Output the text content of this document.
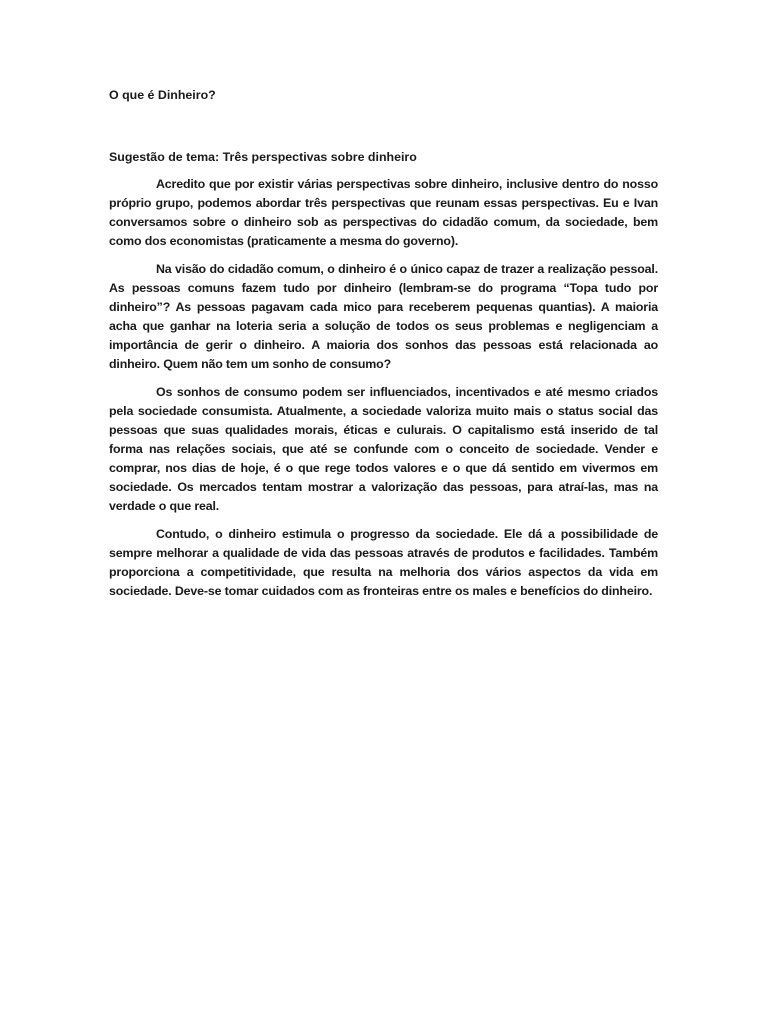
O que é Dinheiro?

Sugestão de tema: Três perspectivas sobre dinheiro

Acredito que por existir várias perspectivas sobre dinheiro, inclusive dentro do nosso próprio grupo, podemos abordar três perspectivas que reunam essas perspectivas. Eu e Ivan conversamos sobre o dinheiro sob as perspectivas do cidadão comum, da sociedade, bem como dos economistas (praticamente a mesma do governo).

Na visão do cidadão comum, o dinheiro é o único capaz de trazer a realização pessoal. As pessoas comuns fazem tudo por dinheiro (lembram-se do programa “Topa tudo por dinheiro”? As pessoas pagavam cada mico para receberem pequenas quantias). A maioria acha que ganhar na loteria seria a solução de todos os seus problemas e negligenciam a importância de gerir o dinheiro. A maioria dos sonhos das pessoas está relacionada ao dinheiro. Quem não tem um sonho de consumo?

Os sonhos de consumo podem ser influenciados, incentivados e até mesmo criados pela sociedade consumista. Atualmente, a sociedade valoriza muito mais o status social das pessoas que suas qualidades morais, éticas e culurais. O capitalismo está inserido de tal forma nas relações sociais, que até se confunde com o conceito de sociedade. Vender e comprar, nos dias de hoje, é o que rege todos valores e o que dá sentido em vivermos em sociedade. Os mercados tentam mostrar a valorização das pessoas, para atraí-las, mas na verdade o que real.

Contudo, o dinheiro estimula o progresso da sociedade. Ele dá a possibilidade de sempre melhorar a qualidade de vida das pessoas através de produtos e facilidades. Também proporciona a competitividade, que resulta na melhoria dos vários aspectos da vida em sociedade. Deve-se tomar cuidados com as fronteiras entre os males e benefícios do dinheiro.
